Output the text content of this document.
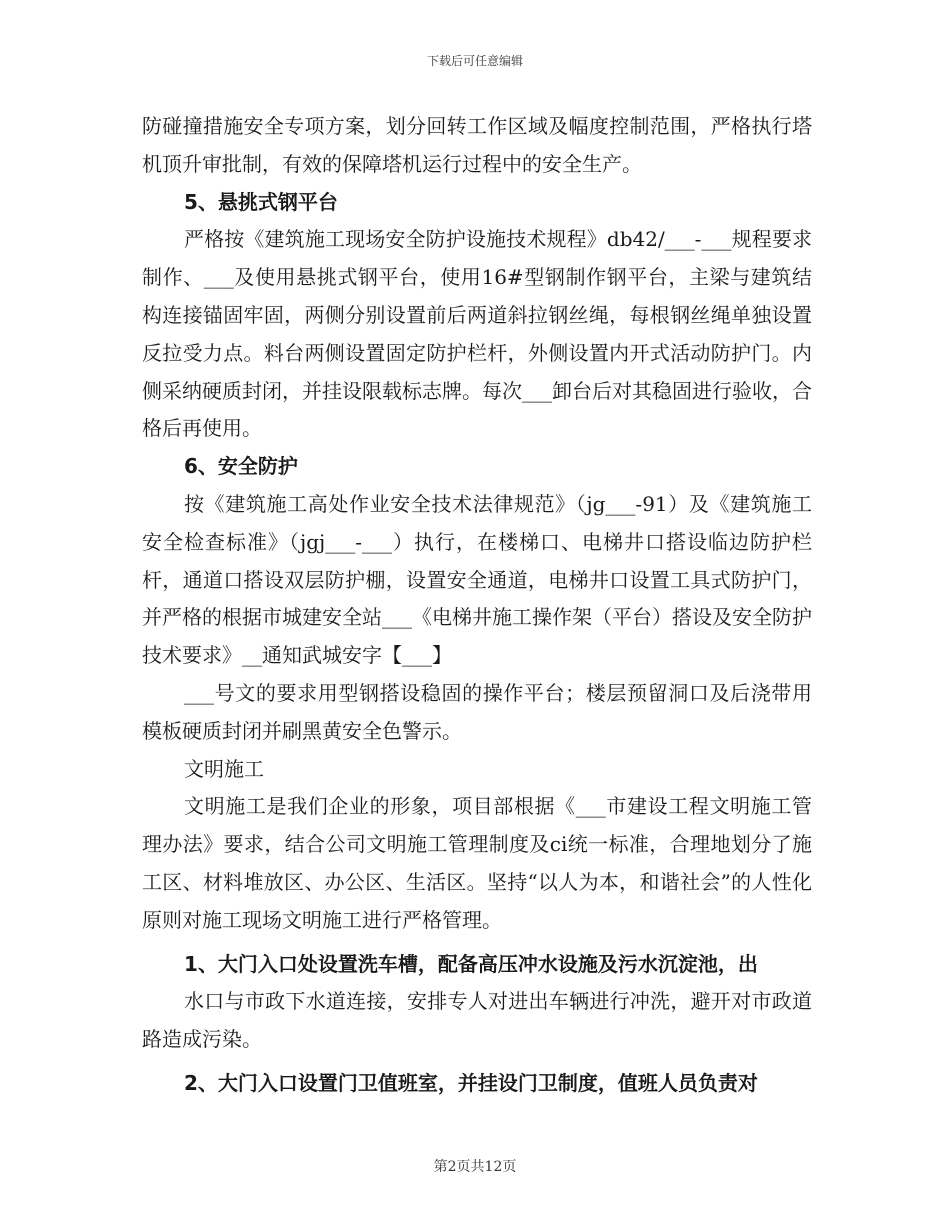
下载后可任意编辑

防碰撞措施安全专项方案，划分回转工作区域及幅度控制范围，严格执行塔机顶升审批制，有效的保障塔机运行过程中的安全生产。

5、悬挑式钢平台

严格按《建筑施工现场安全防护设施技术规程》db42/___-___规程要求制作、___及使用悬挑式钢平台，使用16#型钢制作钢平台，主梁与建筑结构连接锚固牢固，两侧分别设置前后两道斜拉钢丝绳，每根钢丝绳单独设置反拉受力点。料台两侧设置固定防护栏杆，外侧设置内开式活动防护门。内侧采纳硬质封闭，并挂设限载标志牌。每次___卸台后对其稳固进行验收，合格后再使用。

6、安全防护

按《建筑施工高处作业安全技术法律规范》（jg___-91）及《建筑施工安全检查标准》（jgj___-___）执行，在楼梯口、电梯井口搭设临边防护栏杆，通道口搭设双层防护棚，设置安全通道，电梯井口设置工具式防护门，并严格的根据市城建安全站___《电梯井施工操作架（平台）搭设及安全防护技术要求》__通知武城安字【___】

___号文的要求用型钢搭设稳固的操作平台；楼层预留洞口及后浇带用模板硬质封闭并刷黑黄安全色警示。

文明施工

文明施工是我们企业的形象，项目部根据《___市建设工程文明施工管理办法》要求，结合公司文明施工管理制度及ci统一标准，合理地划分了施工区、材料堆放区、办公区、生活区。坚持“以人为本，和谐社会”的人性化原则对施工现场文明施工进行严格管理。

1、大门入口处设置洗车槽，配备高压冲水设施及污水沉淀池，出

水口与市政下水道连接，安排专人对进出车辆进行冲洗，避开对市政道路造成污染。

2、大门入口设置门卫值班室，并挂设门卫制度，值班人员负责对

第2页共12页
